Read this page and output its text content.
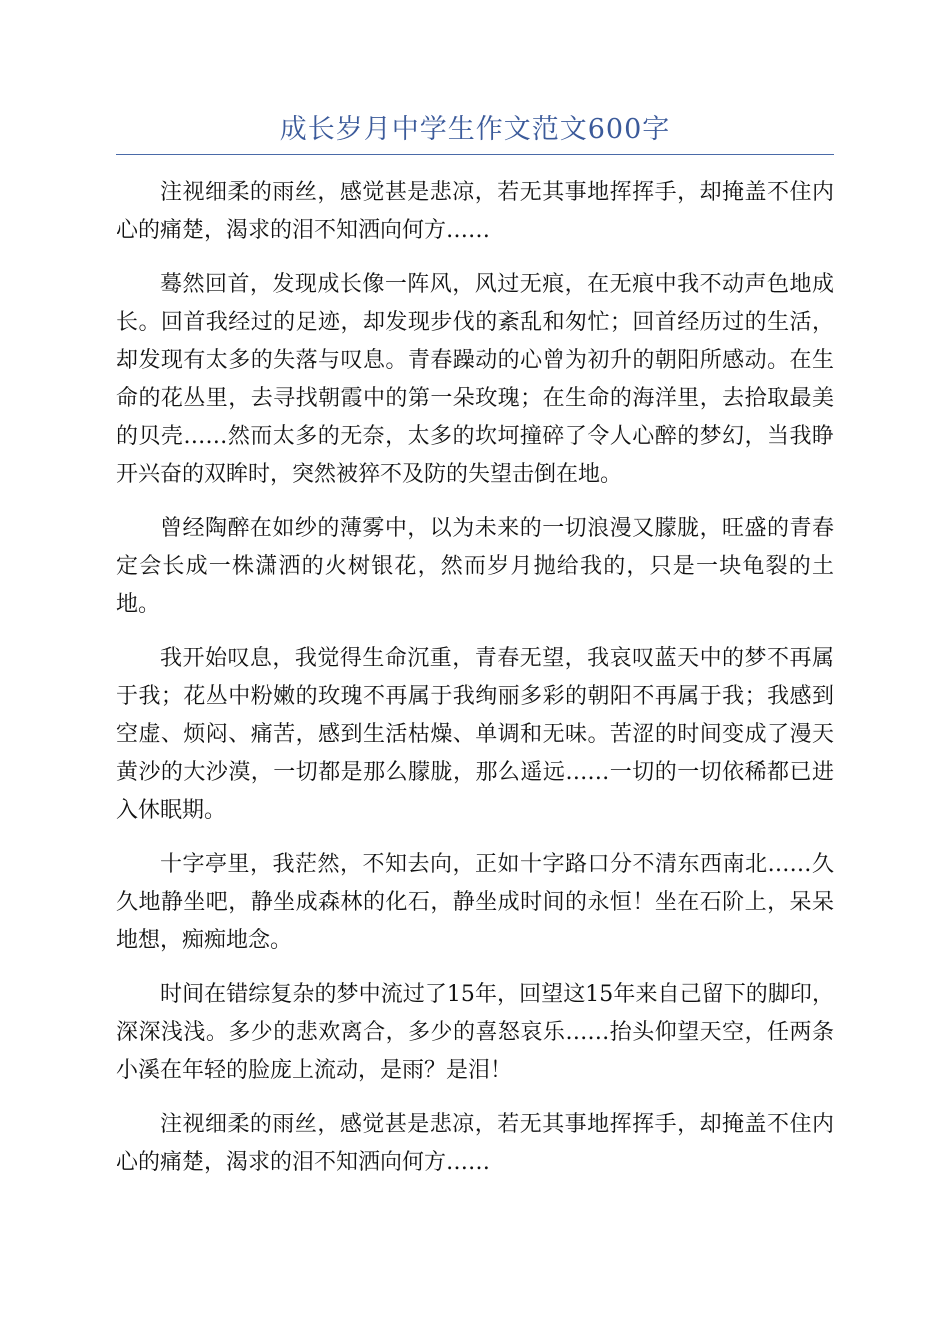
成长岁月中学生作文范文600字

注视细柔的雨丝，感觉甚是悲凉，若无其事地挥挥手，却掩盖不住内心的痛楚，渴求的泪不知洒向何方……

蓦然回首，发现成长像一阵风，风过无痕，在无痕中我不动声色地成长。回首我经过的足迹，却发现步伐的紊乱和匆忙；回首经历过的生活，却发现有太多的失落与叹息。青春躁动的心曾为初升的朝阳所感动。在生命的花丛里，去寻找朝霞中的第一朵玫瑰；在生命的海洋里，去拾取最美的贝壳……然而太多的无奈，太多的坎坷撞碎了令人心醉的梦幻，当我睁开兴奋的双眸时，突然被猝不及防的失望击倒在地。

曾经陶醉在如纱的薄雾中，以为未来的一切浪漫又朦胧，旺盛的青春定会长成一株潇洒的火树银花，然而岁月抛给我的，只是一块龟裂的土地。

我开始叹息，我觉得生命沉重，青春无望，我哀叹蓝天中的梦不再属于我；花丛中粉嫩的玫瑰不再属于我绚丽多彩的朝阳不再属于我；我感到空虚、烦闷、痛苦，感到生活枯燥、单调和无味。苦涩的时间变成了漫天黄沙的大沙漠，一切都是那么朦胧，那么遥远……一切的一切依稀都已进入休眠期。

十字亭里，我茫然，不知去向，正如十字路口分不清东西南北……久久地静坐吧，静坐成森林的化石，静坐成时间的永恒！坐在石阶上，呆呆地想，痴痴地念。

时间在错综复杂的梦中流过了15年，回望这15年来自己留下的脚印，深深浅浅。多少的悲欢离合，多少的喜怒哀乐……抬头仰望天空，任两条小溪在年轻的脸庞上流动，是雨？是泪！

注视细柔的雨丝，感觉甚是悲凉，若无其事地挥挥手，却掩盖不住内心的痛楚，渴求的泪不知洒向何方……
